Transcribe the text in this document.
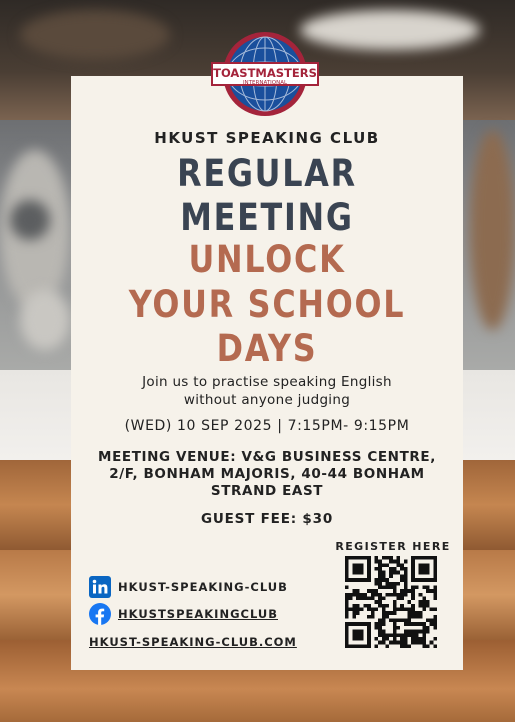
TOASTMASTERS
INTERNATIONAL
HKUST SPEAKING CLUB
REGULAR
MEETING
UNLOCK
YOUR SCHOOL
DAYS
Join us to practise speaking English
without anyone judging
(WED) 10 SEP 2025 | 7:15PM- 9:15PM
MEETING VENUE: V&G BUSINESS CENTRE,
2/F, BONHAM MAJORIS, 40-44 BONHAM
STRAND EAST
GUEST FEE: $30
REGISTER HERE
HKUST-SPEAKING-CLUB
HKUSTSPEAKINGCLUB
HKUST-SPEAKING-CLUB.COM
